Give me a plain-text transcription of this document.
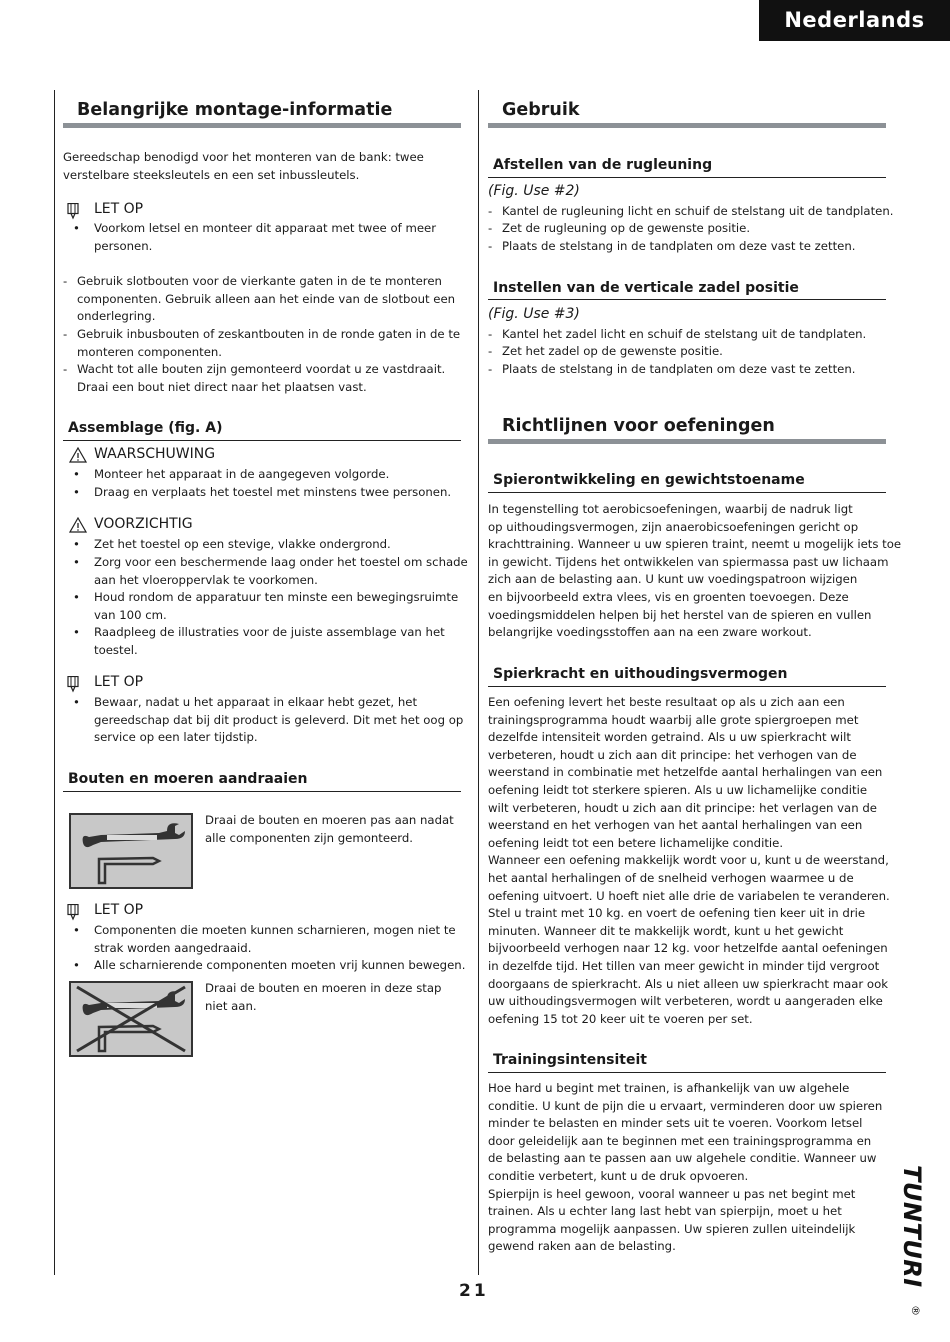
Nederlands
Belangrijke montage-informatie
Gereedschap benodigd voor het monteren van de bank: twee
verstelbare steeksleutels en een set inbussleutels.
LET OP
• Voorkom letsel en monteer dit apparaat met twee of meer
personen.
- Gebruik slotbouten voor de vierkante gaten in de te monteren
componenten. Gebruik alleen aan het einde van de slotbout een
onderlegring.
- Gebruik inbusbouten of zeskantbouten in de ronde gaten in de te
monteren componenten.
- Wacht tot alle bouten zijn gemonteerd voordat u ze vastdraait.
Draai een bout niet direct naar het plaatsen vast.
Assemblage (fig. A)
WAARSCHUWING
• Monteer het apparaat in de aangegeven volgorde.
• Draag en verplaats het toestel met minstens twee personen.
VOORZICHTIG
• Zet het toestel op een stevige, vlakke ondergrond.
• Zorg voor een beschermende laag onder het toestel om schade
aan het vloeroppervlak te voorkomen.
• Houd rondom de apparatuur ten minste een bewegingsruimte
van 100 cm.
• Raadpleeg de illustraties voor de juiste assemblage van het
toestel.
LET OP
• Bewaar, nadat u het apparaat in elkaar hebt gezet, het
gereedschap dat bij dit product is geleverd. Dit met het oog op
service op een later tijdstip.
Bouten en moeren aandraaien
Draai de bouten en moeren pas aan nadat
alle componenten zijn gemonteerd.
LET OP
• Componenten die moeten kunnen scharnieren, mogen niet te
strak worden aangedraaid.
• Alle scharnierende componenten moeten vrij kunnen bewegen.
Draai de bouten en moeren in deze stap
niet aan.
Gebruik
Afstellen van de rugleuning
(Fig. Use #2)
- Kantel de rugleuning licht en schuif de stelstang uit de tandplaten.
- Zet de rugleuning op de gewenste positie.
- Plaats de stelstang in de tandplaten om deze vast te zetten.
Instellen van de verticale zadel positie
(Fig. Use #3)
- Kantel het zadel licht en schuif de stelstang uit de tandplaten.
- Zet het zadel op de gewenste positie.
- Plaats de stelstang in de tandplaten om deze vast te zetten.
Richtlijnen voor oefeningen
Spierontwikkeling en gewichtstoename
In tegenstelling tot aerobicsoefeningen, waarbij de nadruk ligt
op uithoudingsvermogen, zijn anaerobicsoefeningen gericht op
krachttraining. Wanneer u uw spieren traint, neemt u mogelijk iets toe
in gewicht. Tijdens het ontwikkelen van spiermassa past uw lichaam
zich aan de belasting aan. U kunt uw voedingspatroon wijzigen
en bijvoorbeeld extra vlees, vis en groenten toevoegen. Deze
voedingsmiddelen helpen bij het herstel van de spieren en vullen
belangrijke voedingsstoffen aan na een zware workout.
Spierkracht en uithoudingsvermogen
Een oefening levert het beste resultaat op als u zich aan een
trainingsprogramma houdt waarbij alle grote spiergroepen met
dezelfde intensiteit worden getraind. Als u uw spierkracht wilt
verbeteren, houdt u zich aan dit principe: het verhogen van de
weerstand in combinatie met hetzelfde aantal herhalingen van een
oefening leidt tot sterkere spieren. Als u uw lichamelijke conditie
wilt verbeteren, houdt u zich aan dit principe: het verlagen van de
weerstand en het verhogen van het aantal herhalingen van een
oefening leidt tot een betere lichamelijke conditie.
Wanneer een oefening makkelijk wordt voor u, kunt u de weerstand,
het aantal herhalingen of de snelheid verhogen waarmee u de
oefening uitvoert. U hoeft niet alle drie de variabelen te veranderen.
Stel u traint met 10 kg. en voert de oefening tien keer uit in drie
minuten. Wanneer dit te makkelijk wordt, kunt u het gewicht
bijvoorbeeld verhogen naar 12 kg. voor hetzelfde aantal oefeningen
in dezelfde tijd. Het tillen van meer gewicht in minder tijd vergroot
doorgaans de spierkracht. Als u niet alleen uw spierkracht maar ook
uw uithoudingsvermogen wilt verbeteren, wordt u aangeraden elke
oefening 15 tot 20 keer uit te voeren per set.
Trainingsintensiteit
Hoe hard u begint met trainen, is afhankelijk van uw algehele
conditie. U kunt de pijn die u ervaart, verminderen door uw spieren
minder te belasten en minder sets uit te voeren. Voorkom letsel
door geleidelijk aan te beginnen met een trainingsprogramma en
de belasting aan te passen aan uw algehele conditie. Wanneer uw
conditie verbetert, kunt u de druk opvoeren.
Spierpijn is heel gewoon, vooral wanneer u pas net begint met
trainen. Als u echter lang last hebt van spierpijn, moet u het
programma mogelijk aanpassen. Uw spieren zullen uiteindelijk
gewend raken aan de belasting.
21
TUNTURI
®
